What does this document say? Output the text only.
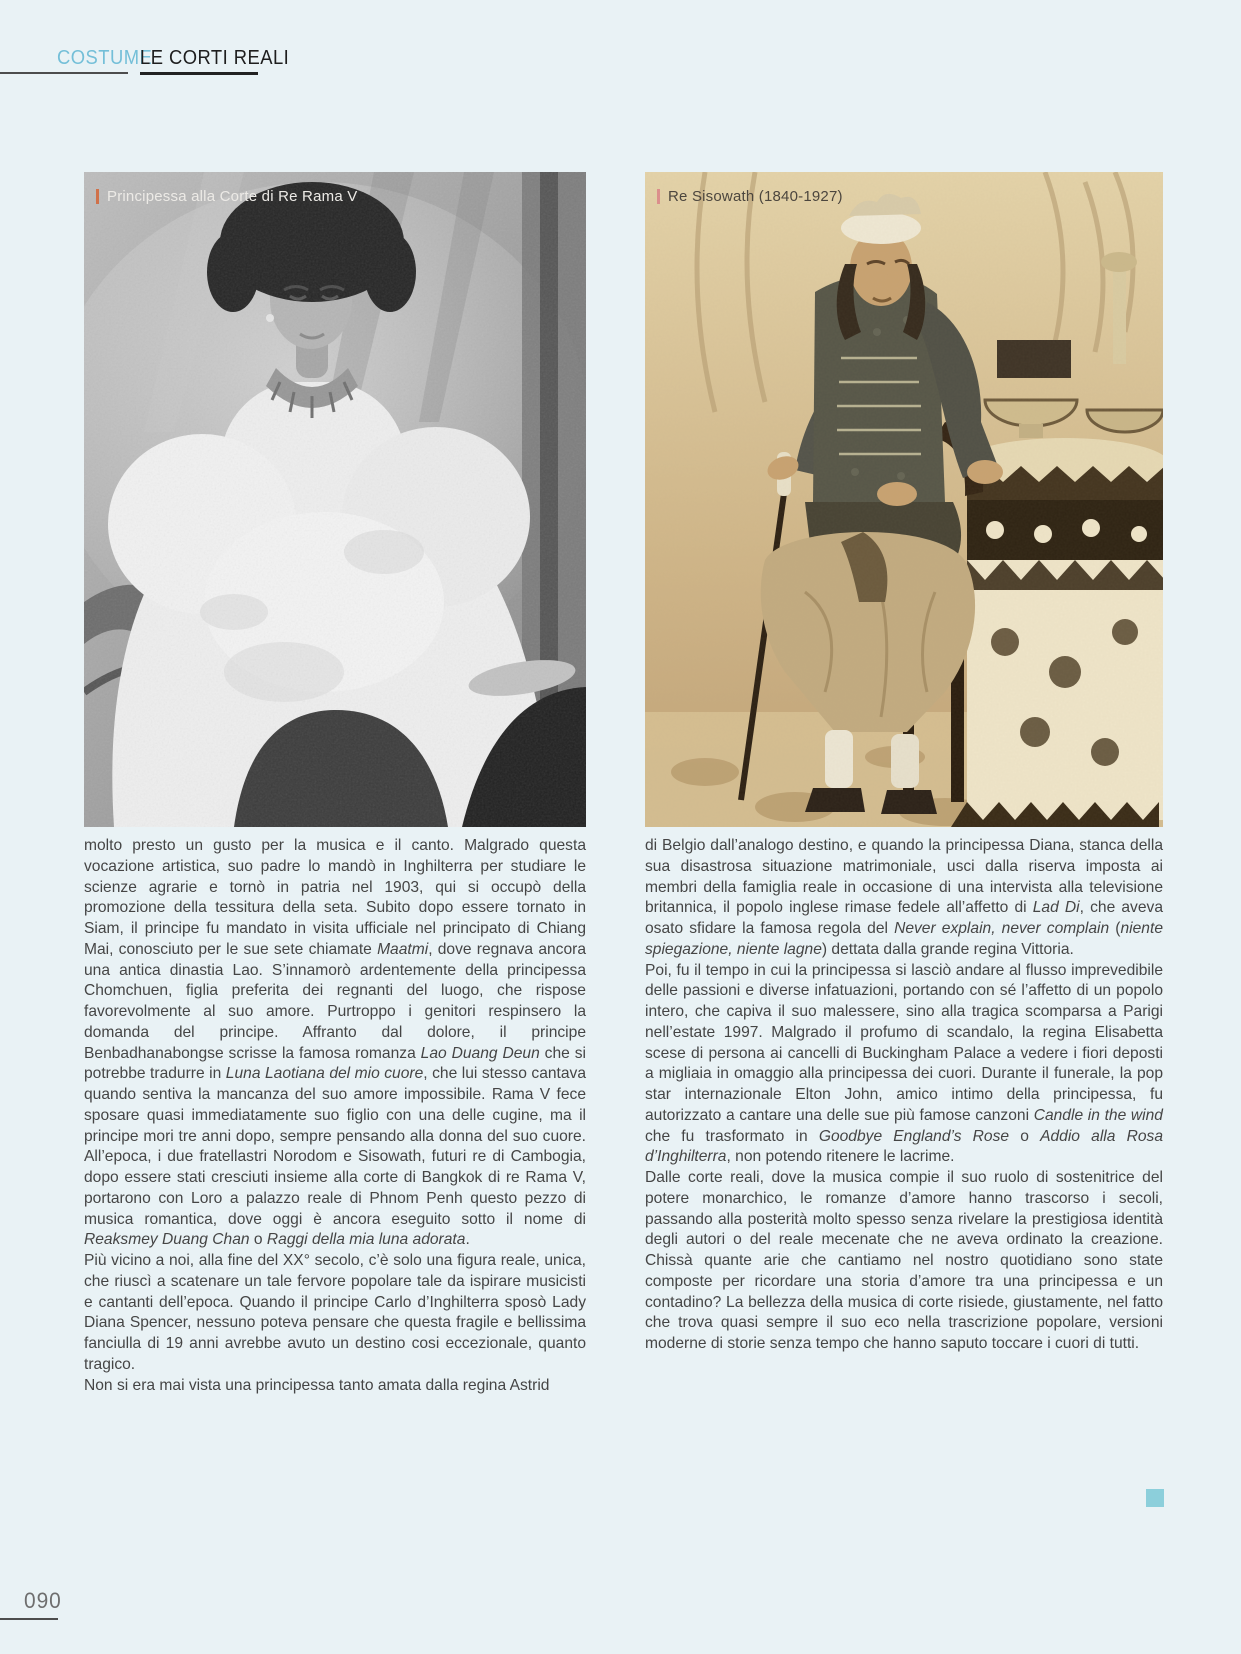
COSTUME
LE CORTI REALI
Principessa alla Corte di Re Rama V	Re Sisowath (1840-1927)

molto presto un gusto per la musica e il canto. Malgrado questa vocazione artistica, suo padre lo mandò in Inghilterra per studiare le scienze agrarie e tornò in patria nel 1903, qui si occupò della promozione della tessitura della seta. Subito dopo essere tornato in Siam, il principe fu mandato in visita ufficiale nel principato di Chiang Mai, conosciuto per le sue sete chiamate Maatmi, dove regnava ancora una antica dinastia Lao. S’innamorò ardentemente della principessa Chomchuen, figlia preferita dei regnanti del luogo, che rispose favorevolmente al suo amore. Purtroppo i genitori respinsero la domanda del principe. Affranto dal dolore, il principe Benbadhanabongse scrisse la famosa romanza Lao Duang Deun che si potrebbe tradurre in Luna Laotiana del mio cuore, che lui stesso cantava quando sentiva la mancanza del suo amore impossibile. Rama V fece sposare quasi immediatamente suo figlio con una delle cugine, ma il principe mori tre anni dopo, sempre pensando alla donna del suo cuore. All’epoca, i due fratellastri Norodom e Sisowath, futuri re di Cambogia, dopo essere stati cresciuti insieme alla corte di Bangkok di re Rama V, portarono con Loro a palazzo reale di Phnom Penh questo pezzo di musica romantica, dove oggi è ancora eseguito sotto il nome di Reaksmey Duang Chan o Raggi della mia luna adorata.

Più vicino a noi, alla fine del XX° secolo, c’è solo una figura reale, unica, che riuscì a scatenare un tale fervore popolare tale da ispirare musicisti e cantanti dell’epoca. Quando il principe Carlo d’Inghilterra sposò Lady Diana Spencer, nessuno poteva pensare che questa fragile e bellissima fanciulla di 19 anni avrebbe avuto un destino cosi eccezionale, quanto tragico.

Non si era mai vista una principessa tanto amata dalla regina Astrid

di Belgio dall’analogo destino, e quando la principessa Diana, stanca della sua disastrosa situazione matrimoniale, usci dalla riserva imposta ai membri della famiglia reale in occasione di una intervista alla televisione britannica, il popolo inglese rimase fedele all’affetto di Lad Di, che aveva osato sfidare la famosa regola del Never explain, never complain (niente spiegazione, niente lagne) dettata dalla grande regina Vittoria.

Poi, fu il tempo in cui la principessa si lasciò andare al flusso imprevedibile delle passioni e diverse infatuazioni, portando con sé l’affetto di un popolo intero, che capiva il suo malessere, sino alla tragica scomparsa a Parigi nell’estate 1997. Malgrado il profumo di scandalo, la regina Elisabetta scese di persona ai cancelli di Buckingham Palace a vedere i fiori deposti a migliaia in omaggio alla principessa dei cuori. Durante il funerale, la pop star internazionale Elton John, amico intimo della principessa, fu autorizzato a cantare una delle sue più famose canzoni Candle in the wind che fu trasformato in Goodbye England’s Rose o Addio alla Rosa d’Inghilterra, non potendo ritenere le lacrime.

Dalle corte reali, dove la musica compie il suo ruolo di sostenitrice del potere monarchico, le romanze d’amore hanno trascorso i secoli, passando alla posterità molto spesso senza rivelare la prestigiosa identità degli autori o del reale mecenate che ne aveva ordinato la creazione. Chissà quante arie che cantiamo nel nostro quotidiano sono state composte per ricordare una storia d’amore tra una principessa e un contadino? La bellezza della musica di corte risiede, giustamente, nel fatto che trova quasi sempre il suo eco nella trascrizione popolare, versioni moderne di storie senza tempo che hanno saputo toccare i cuori di tutti.

090
